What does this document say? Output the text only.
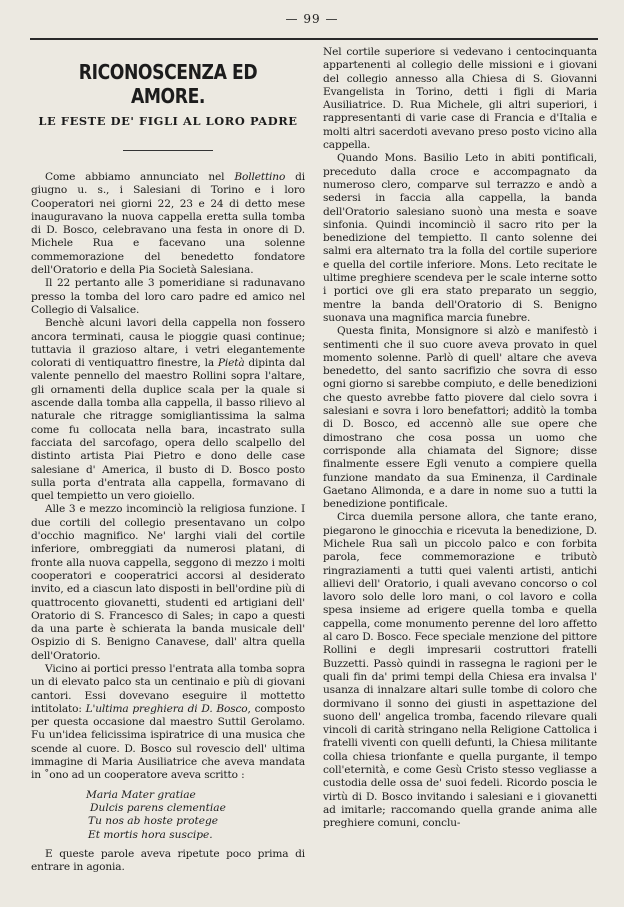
— 99 —
RICONOSCENZA ED AMORE.
LE FESTE DE' FIGLI AL LORO PADRE

Come abbiamo annunciato nel Bollettino di giugno u. s., i Salesiani di Torino e i loro Cooperatori nei giorni 22, 23 e 24 di detto mese inauguravano la nuova cappella eretta sulla tomba di D. Bosco, celebravano una festa in onore di D. Michele Rua e facevano una solenne commemorazione del benedetto fondatore dell'Oratorio e della Pia Società Salesiana.

Il 22 pertanto alle 3 pomeridiane si radunavano presso la tomba del loro caro padre ed amico nel Collegio di Valsalice.

Benchè alcuni lavori della cappella non fossero ancora terminati, causa le pioggie quasi continue; tuttavia il grazioso altare, i vetri elegantemente colorati di ventiquattro finestre, la Pietà dipinta dal valente pennello del maestro Rollini sopra l'altare, gli ornamenti della duplice scala per la quale si ascende dalla tomba alla cappella, il basso rilievo al naturale che ritragge somigliantissima la salma come fu collocata nella bara, incastrato sulla facciata del sarcofago, opera dello scalpello del distinto artista Piai Pietro e dono delle case salesiane d' America, il busto di D. Bosco posto sulla porta d'entrata alla cappella, formavano di quel tempietto un vero gioiello.

Alle 3 e mezzo incominciò la religiosa funzione. I due cortili del collegio presentavano un colpo d'occhio magnifico. Ne' larghi viali del cortile inferiore, ombreggiati da numerosi platani, di fronte alla nuova cappella, seggono di mezzo i molti cooperatori e cooperatrici accorsi al desiderato invito, ed a ciascun lato disposti in bell'ordine più di quattrocento giovanetti, studenti ed artigiani dell' Oratorio di S. Francesco di Sales; in capo a questi da una parte è schierata la banda musicale dell' Ospizio di S. Benigno Canavese, dall' altra quella dell'Oratorio.

Vicino ai portici presso l'entrata alla tomba sopra un di elevato palco sta un centinaio e più di giovani cantori. Essi dovevano eseguire il mottetto intitolato: L'ultima preghiera di D. Bosco, composto per questa occasione dal maestro Suttil Gerolamo. Fu un'idea felicissima ispiratrice di una musica che scende al cuore. D. Bosco sul rovescio dell' ultima immagine di Maria Ausiliatrice che aveva mandata in ˚ono ad un cooperatore aveva scritto :

Maria Mater gratiae
Dulcis parens clementiae
Tu nos ab hoste protege
Et mortis hora suscipe.

E queste parole aveva ripetute poco prima di entrare in agonia.

Nel cortile superiore si vedevano i centocinquanta appartenenti al collegio delle missioni e i giovani del collegio annesso alla Chiesa di S. Giovanni Evangelista in Torino, detti i figli di Maria Ausiliatrice. D. Rua Michele, gli altri superiori, i rappresentanti di varie case di Francia e d'Italia e molti altri sacerdoti avevano preso posto vicino alla cappella.

Quando Mons. Basilio Leto in abiti pontificali, preceduto dalla croce e accompagnato da numeroso clero, comparve sul terrazzo e andò a sedersi in faccia alla cappella, la banda dell'Oratorio salesiano suonò una mesta e soave sinfonia. Quindi incominciò il sacro rito per la benedizione del tempietto. Il canto solenne dei salmi era alternato tra la folla del cortile superiore e quella del cortile inferiore. Mons. Leto recitate le ultime preghiere scendeva per le scale interne sotto i portici ove gli era stato preparato un seggio, mentre la banda dell'Oratorio di S. Benigno suonava una magnifica marcia funebre.

Questa finita, Monsignore si alzò e manifestò i sentimenti che il suo cuore aveva provato in quel momento solenne. Parlò di quell' altare che aveva benedetto, del santo sacrifizio che sovra di esso ogni giorno si sarebbe compiuto, e delle benedizioni che questo avrebbe fatto piovere dal cielo sovra i salesiani e sovra i loro benefattori; additò la tomba di D. Bosco, ed accennò alle sue opere che dimostrano che cosa possa un uomo che corrisponde alla chiamata del Signore; disse finalmente essere Egli venuto a compiere quella funzione mandato da sua Eminenza, il Cardinale Gaetano Alimonda, e a dare in nome suo a tutti la benedizione pontificale.

Circa duemila persone allora, che tante erano, piegarono le ginocchia e ricevuta la benedizione, D. Michele Rua salì un piccolo palco e con forbita parola, fece commemorazione e tributò ringraziamenti a tutti quei valenti artisti, antichi allievi dell' Oratorio, i quali avevano concorso o col lavoro solo delle loro mani, o col lavoro e colla spesa insieme ad erigere quella tomba e quella cappella, come monumento perenne del loro affetto al caro D. Bosco. Fece speciale menzione del pittore Rollini e degli impresarii costruttori fratelli Buzzetti. Passò quindi in rassegna le ragioni per le quali fin da' primi tempi della Chiesa era invalsa l' usanza di innalzare altari sulle tombe di coloro che dormivano il sonno dei giusti in aspettazione del suono dell' angelica tromba, facendo rilevare quali vincoli di carità stringano nella Religione Cattolica i fratelli viventi con quelli defunti, la Chiesa militante colla chiesa trionfante e quella purgante, il tempo coll'eternità, e come Gesù Cristo stesso vegliasse a custodia delle ossa de' suoi fedeli. Ricordo poscia le virtù di D. Bosco invitando i salesiani e i giovanetti ad imitarle; raccomando quella grande anima alle preghiere comuni, conclu-
